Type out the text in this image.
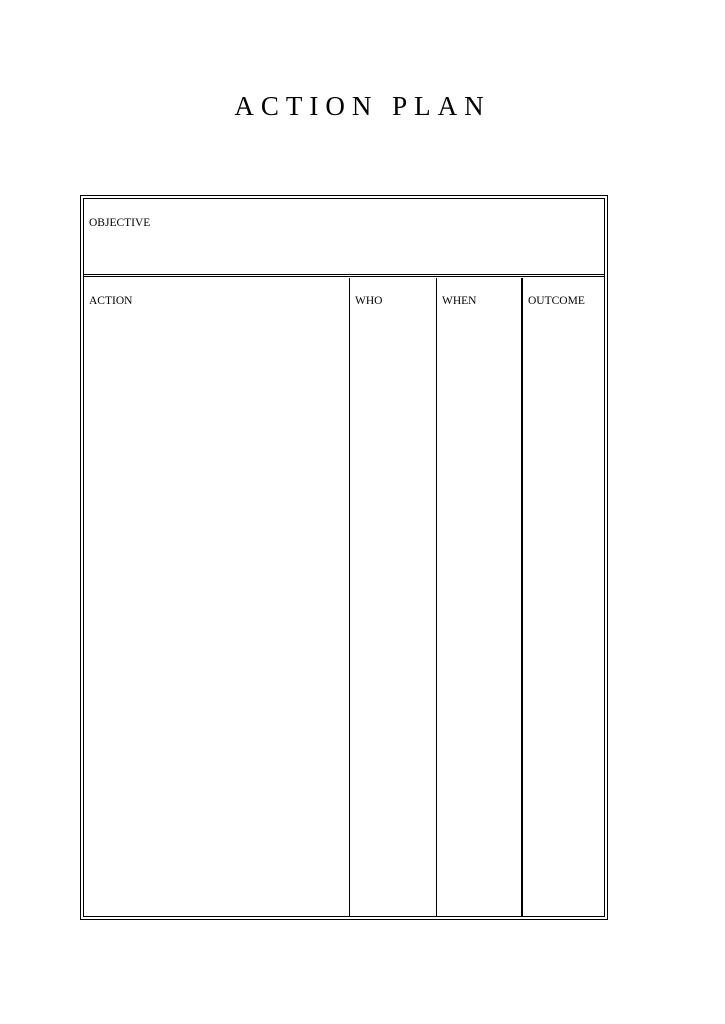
ACTION PLAN
OBJECTIVE
ACTION	WHO	WHEN	OUTCOME
